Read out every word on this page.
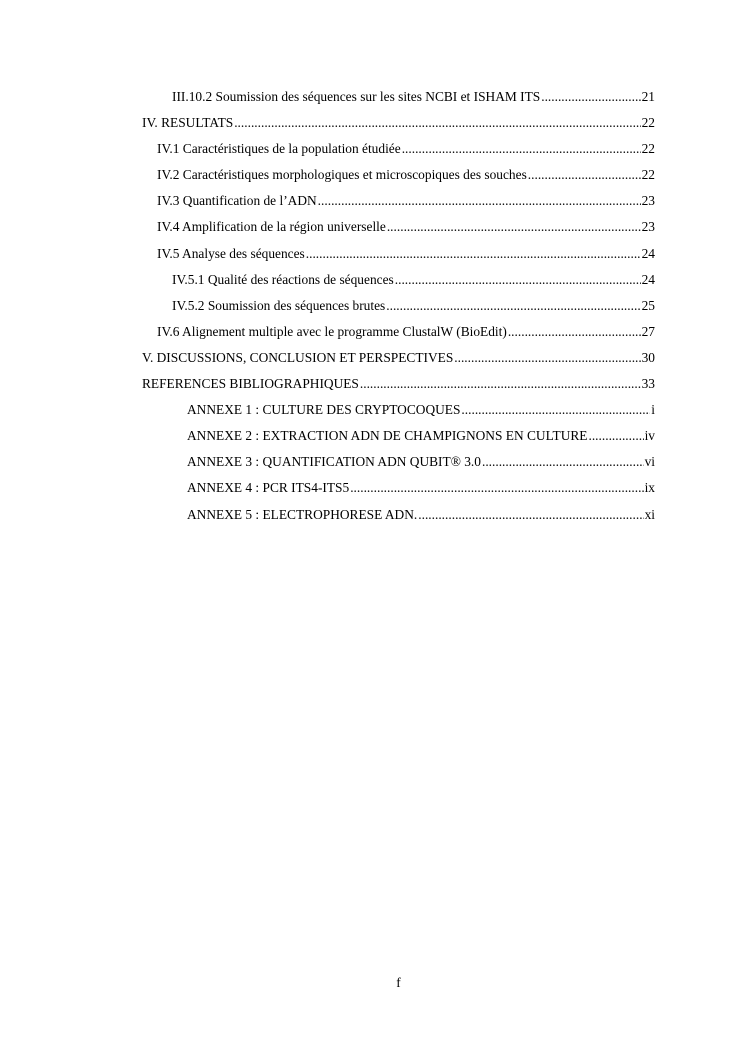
III.10.2 Soumission des séquences sur les sites NCBI et ISHAM ITS .....	21
IV. RESULTATS .....	22
IV.1 Caractéristiques de la population étudiée .....	22
IV.2 Caractéristiques morphologiques et microscopiques des souches .....	22
IV.3 Quantification de l’ADN .....	23
IV.4 Amplification de la région universelle .....	23
IV.5 Analyse des séquences .....	24
IV.5.1 Qualité des réactions de séquences .....	24
IV.5.2 Soumission des séquences brutes .....	25
IV.6 Alignement multiple avec le programme ClustalW (BioEdit) .....	27
V. DISCUSSIONS, CONCLUSION ET PERSPECTIVES .....	30
REFERENCES BIBLIOGRAPHIQUES .....	33
ANNEXE 1 : CULTURE DES CRYPTOCOQUES .....	i
ANNEXE 2 : EXTRACTION ADN DE CHAMPIGNONS EN CULTURE .....	iv
ANNEXE 3 : QUANTIFICATION ADN QUBIT® 3.0 .....	vi
ANNEXE 4 : PCR ITS4-ITS5 .....	ix
ANNEXE 5 : ELECTROPHORESE ADN. .....	xi
f
